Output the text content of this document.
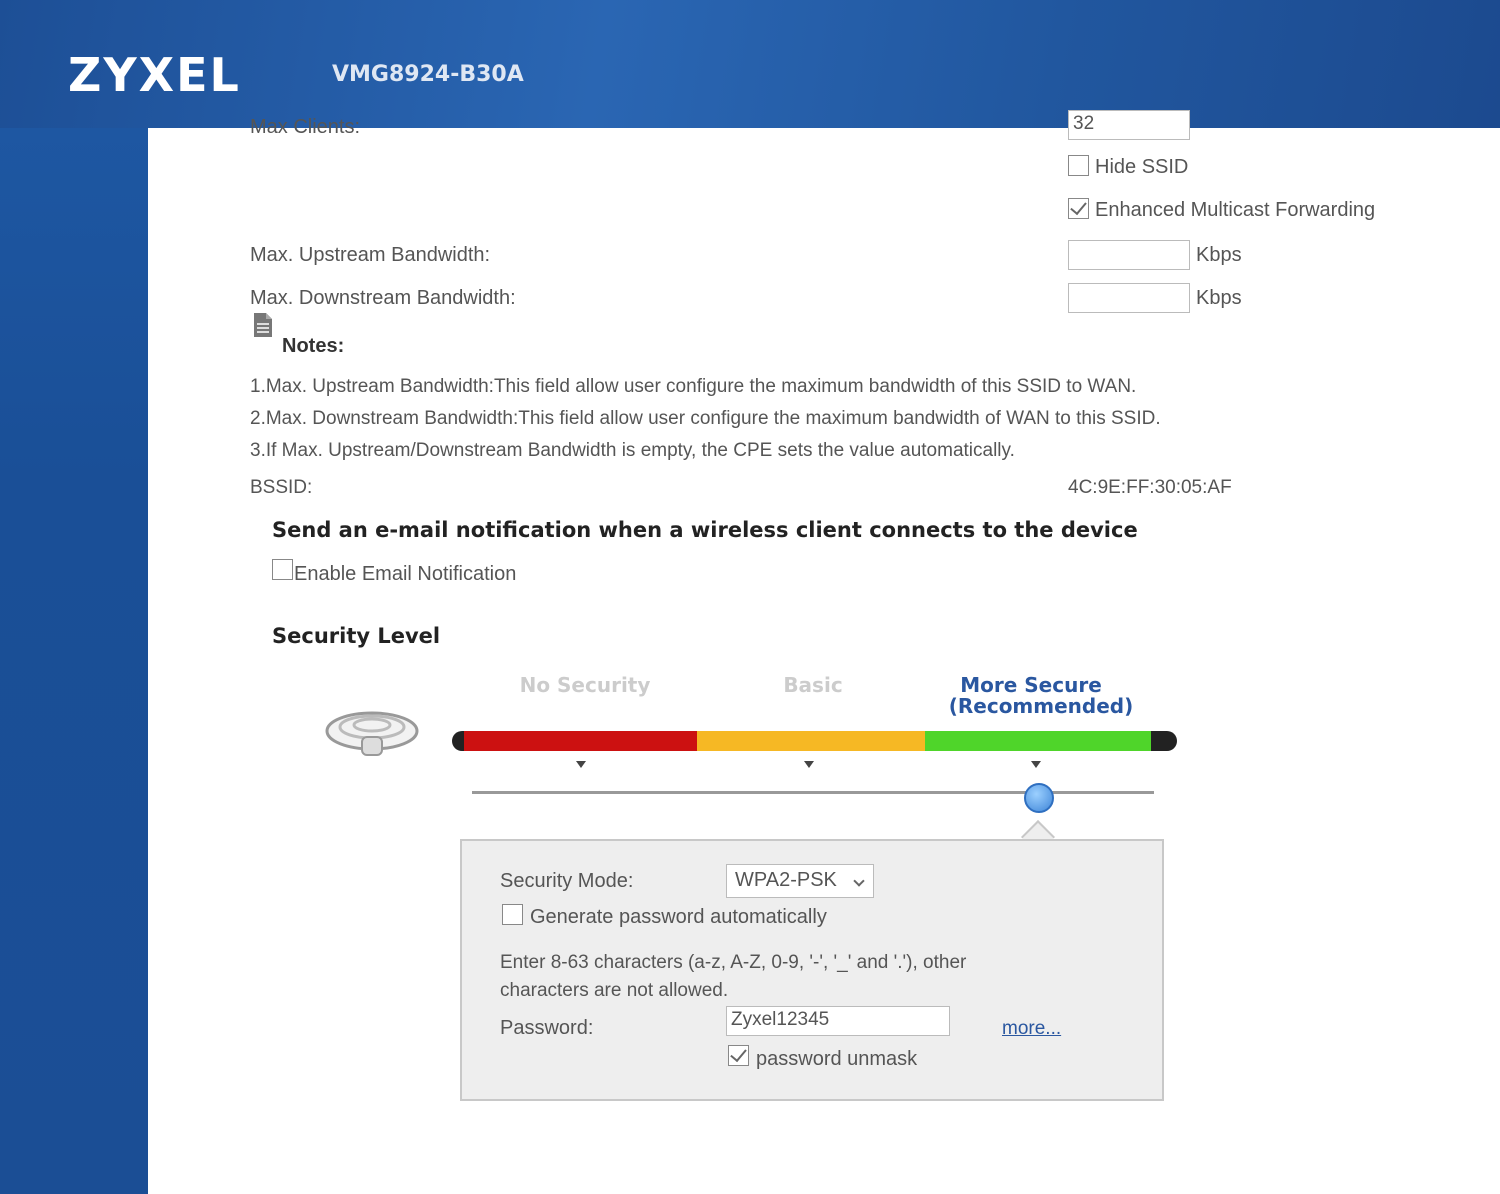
ZYXEL	VMG8924-B30A
Max Clients:	32
Hide SSID
Enhanced Multicast Forwarding
Max. Upstream Bandwidth:	Kbps
Max. Downstream Bandwidth:	Kbps
Notes:
1.Max. Upstream Bandwidth:This field allow user configure the maximum bandwidth of this SSID to WAN.
2.Max. Downstream Bandwidth:This field allow user configure the maximum bandwidth of WAN to this SSID.
3.If Max. Upstream/Downstream Bandwidth is empty, the CPE sets the value automatically.
BSSID:	4C:9E:FF:30:05:AF
Send an e-mail notification when a wireless client connects to the device
Enable Email Notification
Security Level
No Security	Basic	More Secure
(Recommended)
Security Mode:	WPA2-PSK
Generate password automatically
Enter 8-63 characters (a-z, A-Z, 0-9, '-', '_' and '.'), other
characters are not allowed.
Password:	Zyxel12345	more...
password unmask
